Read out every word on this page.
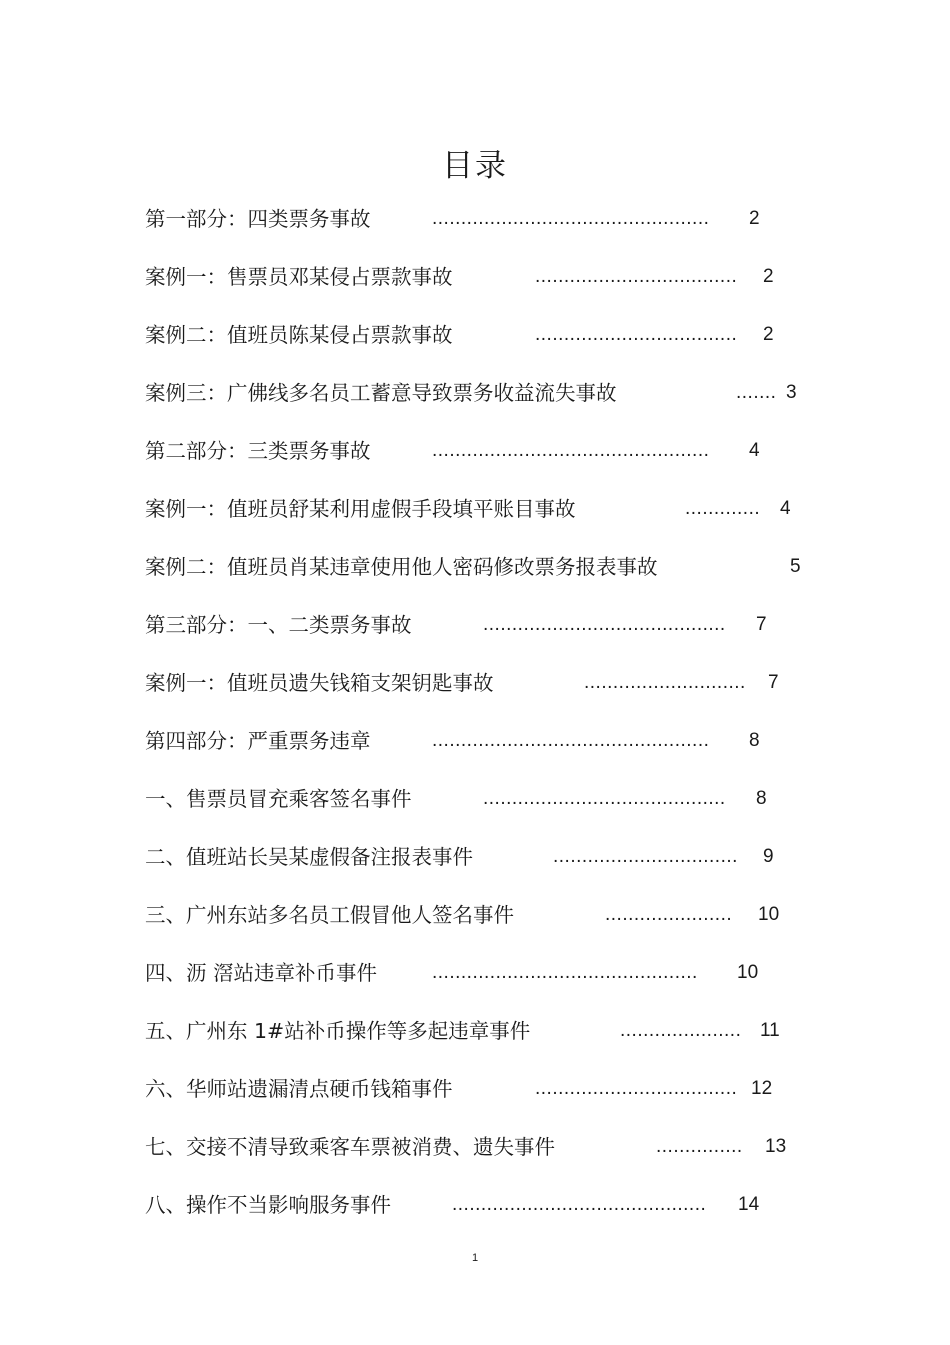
目录
第一部分：四类票务事故	................................................ 2
案例一：售票员邓某侵占票款事故	................................... 2
案例二：值班员陈某侵占票款事故	................................... 2
案例三：广佛线多名员工蓄意导致票务收益流失事故	....... 3
第二部分：三类票务事故	................................................ 4
案例一：值班员舒某利用虚假手段填平账目事故	............. 4
案例二：值班员肖某违章使用他人密码修改票务报表事故	5
第三部分：一、二类票务事故	.......................................... 7
案例一：值班员遗失钱箱支架钥匙事故	............................ 7
第四部分：严重票务违章	................................................ 8
一、售票员冒充乘客签名事件	.......................................... 8
二、值班站长吴某虚假备注报表事件	................................ 9
三、广州东站多名员工假冒他人签名事件	...................... 10
四、沥 滘站违章补币事件	.............................................. 10
五、广州东 1#站补币操作等多起违章事件	..................... 11
六、华师站遗漏清点硬币钱箱事件	................................... 12
七、交接不清导致乘客车票被消费、遗失事件	............... 13
八、操作不当影响服务事件	............................................ 14
1
